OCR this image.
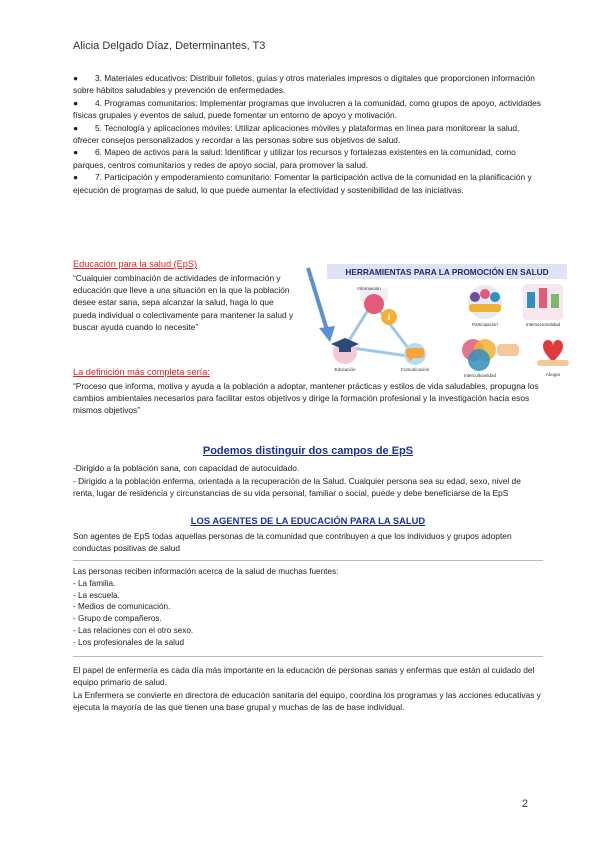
Alicia Delgado Díaz, Determinantes, T3

● 3. Materiales educativos: Distribuir folletos, guías y otros materiales impresos o digitales que proporcionen información sobre hábitos saludables y prevención de enfermedades.

● 4. Programas comunitarios: Implementar programas que involucren a la comunidad, como grupos de apoyo, actividades físicas grupales y eventos de salud, puede fomentar un entorno de apoyo y motivación.

● 5. Tecnología y aplicaciones móviles: Utilizar aplicaciones móviles y plataformas en línea para monitorear la salud, ofrecer consejos personalizados y recordar a las personas sobre sus objetivos de salud.

● 6. Mapeo de activos para la salud: Identificar y utilizar los recursos y fortalezas existentes en la comunidad, como parques, centros comunitarios y redes de apoyo social, para promover la salud.

● 7. Participación y empoderamiento comunitario: Fomentar la participación activa de la comunidad en la planificación y ejecución de programas de salud, lo que puede aumentar la efectividad y sostenibilidad de las iniciativas.

Educación para la salud (EpS)
“Cualquier combinación de actividades de información y educación que lleve a una situación en la que la población desee estar sana, sepa alcanzar la salud, haga lo que pueda individual o colectivamente para mantener la salud y buscar ayuda cuando lo necesite”
HERRAMIENTAS PARA LA PROMOCIÓN EN SALUD
i
Información
Educación	Comunicación
Participación	Intersectorialidad
Interculturalidad	Abogar
La definición más completa sería:
“Proceso que informa, motiva y ayuda a la población a adoptar, mantener prácticas y estilos de vida saludables, propugna los cambios ambientales necesarios para facilitar estos objetivos y dirige la formación profesional y la investigación hacia esos mismos objetivos”
Podemos distinguir dos campos de EpS
-Dirigido a la población sana, con capacidad de autocuidado.
- Dirigido a la población enferma, orientada a la recuperación de la Salud. Cualquier persona sea su edad, sexo, nivel de renta, lugar de residencia y circunstancias de su vida personal, familiar o social, puede y debe beneficiarse de la EpS
LOS AGENTES DE LA EDUCACIÓN PARA LA SALUD
Son agentes de EpS todas aquellas personas de la comunidad que contribuyen a que los individuos y grupos adopten conductas positivas de salud
Las personas reciben información acerca de la salud de muchas fuentes:
- La familia.
- La escuela.
- Medios de comunicación.
- Grupo de compañeros.
- Las relaciones con el otro sexo.
- Los profesionales de la salud
El papel de enfermería es cada día más importante en la educación de personas sanas y enfermas que están al cuidado del equipo primario de salud.
La Enfermera se convierte en directora de educación sanitaria del equipo, coordina los programas y las acciones educativas y ejecuta la mayoría de las que tienen una base grupal y muchas de las de base individual.
2
